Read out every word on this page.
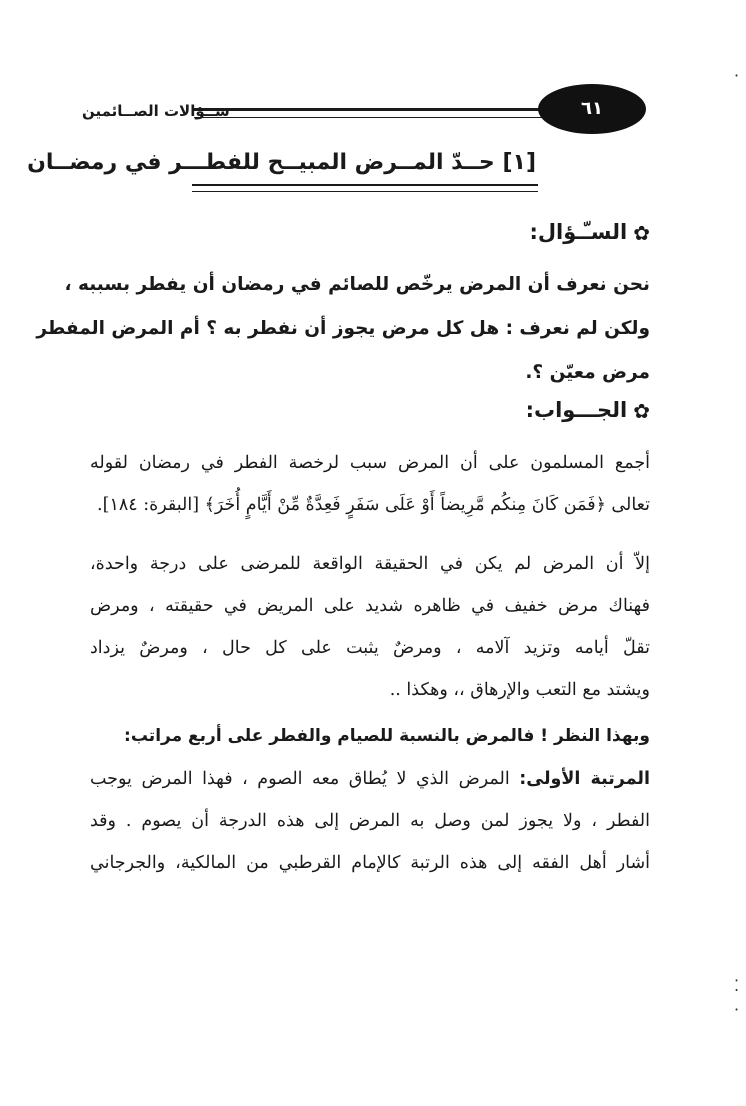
ســؤالات الصــائمين	٦١
[١] حــدّ المــرض المبيــح للفطـــر في رمضــان
✿السـّـؤال:
نحن نعرف أن المرض يرخّص للصائم في رمضان أن يفطر بسببه ،
ولكن لم نعرف : هل كل مرض يجوز أن نفطر به ؟ أم المرض المفطر
مرض معيّن ؟.
✿الجـــواب:
أجمع المسلمون على أن المرض سبب لرخصة الفطر في رمضان لقوله
تعالى ﴿فَمَن كَانَ مِنكُم مَّرِيضاً أَوْ عَلَى سَفَرٍ فَعِدَّةٌ مِّنْ أَيَّامٍ أُخَرَ﴾ [البقرة: ١٨٤].
إلاّ أن المرض لم يكن في الحقيقة الواقعة للمرضى على درجة واحدة،
فهناك مرض خفيف في ظاهره شديد على المريض في حقيقته ، ومرض
تقلّ أيامه وتزيد آلامه ، ومرضٌ يثبت على كل حال ، ومرضٌ يزداد
ويشتد مع التعب والإرهاق ،، وهكذا ..
وبهذا النظر ! فالمرض بالنسبة للصيام والفطر على أربع مراتب:
المرتبة الأولى: المرض الذي لا يُطاق معه الصوم ، فهذا المرض يوجب
الفطر ، ولا يجوز لمن وصل به المرض إلى هذه الدرجة أن يصوم . وقد
أشار أهل الفقه إلى هذه الرتبة كالإمام القرطبي من المالكية، والجرجاني
·
⁚
·
